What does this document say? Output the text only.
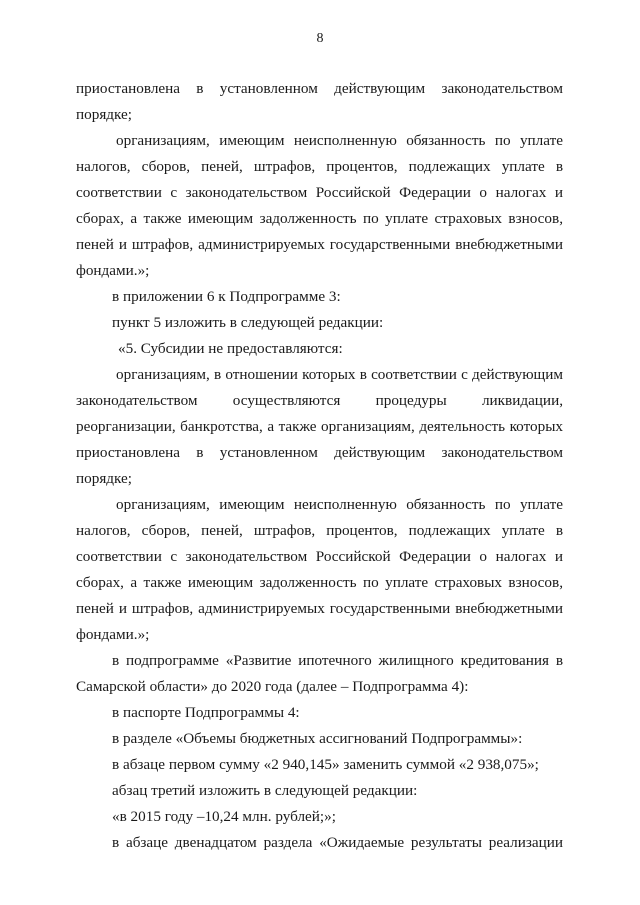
8
приостановлена в установленном действующим законодательством
порядке;
организациям, имеющим неисполненную обязанность по уплате
налогов, сборов, пеней, штрафов, процентов, подлежащих уплате в
соответствии с законодательством Российской Федерации о налогах и
сборах, а также имеющим задолженность по уплате страховых взносов,
пеней и штрафов, администрируемых государственными внебюджетными
фондами.»;
в приложении 6 к Подпрограмме 3:
пункт 5 изложить в следующей редакции:
«5. Субсидии не предоставляются:
организациям, в отношении которых в соответствии с действующим
законодательством осуществляются процедуры ликвидации,
реорганизации, банкротства, а также организациям, деятельность которых
приостановлена в установленном действующим законодательством
порядке;
организациям, имеющим неисполненную обязанность по уплате
налогов, сборов, пеней, штрафов, процентов, подлежащих уплате в
соответствии с законодательством Российской Федерации о налогах и
сборах, а также имеющим задолженность по уплате страховых взносов,
пеней и штрафов, администрируемых государственными внебюджетными
фондами.»;
в подпрограмме «Развитие ипотечного жилищного кредитования в
Самарской области» до 2020 года (далее – Подпрограмма 4):
в паспорте Подпрограммы 4:
в разделе «Объемы бюджетных ассигнований Подпрограммы»:
в абзаце первом сумму «2 940,145» заменить суммой «2 938,075»;
абзац третий изложить в следующей редакции:
«в 2015 году –10,24 млн. рублей;»;
в абзаце двенадцатом раздела «Ожидаемые результаты реализации
